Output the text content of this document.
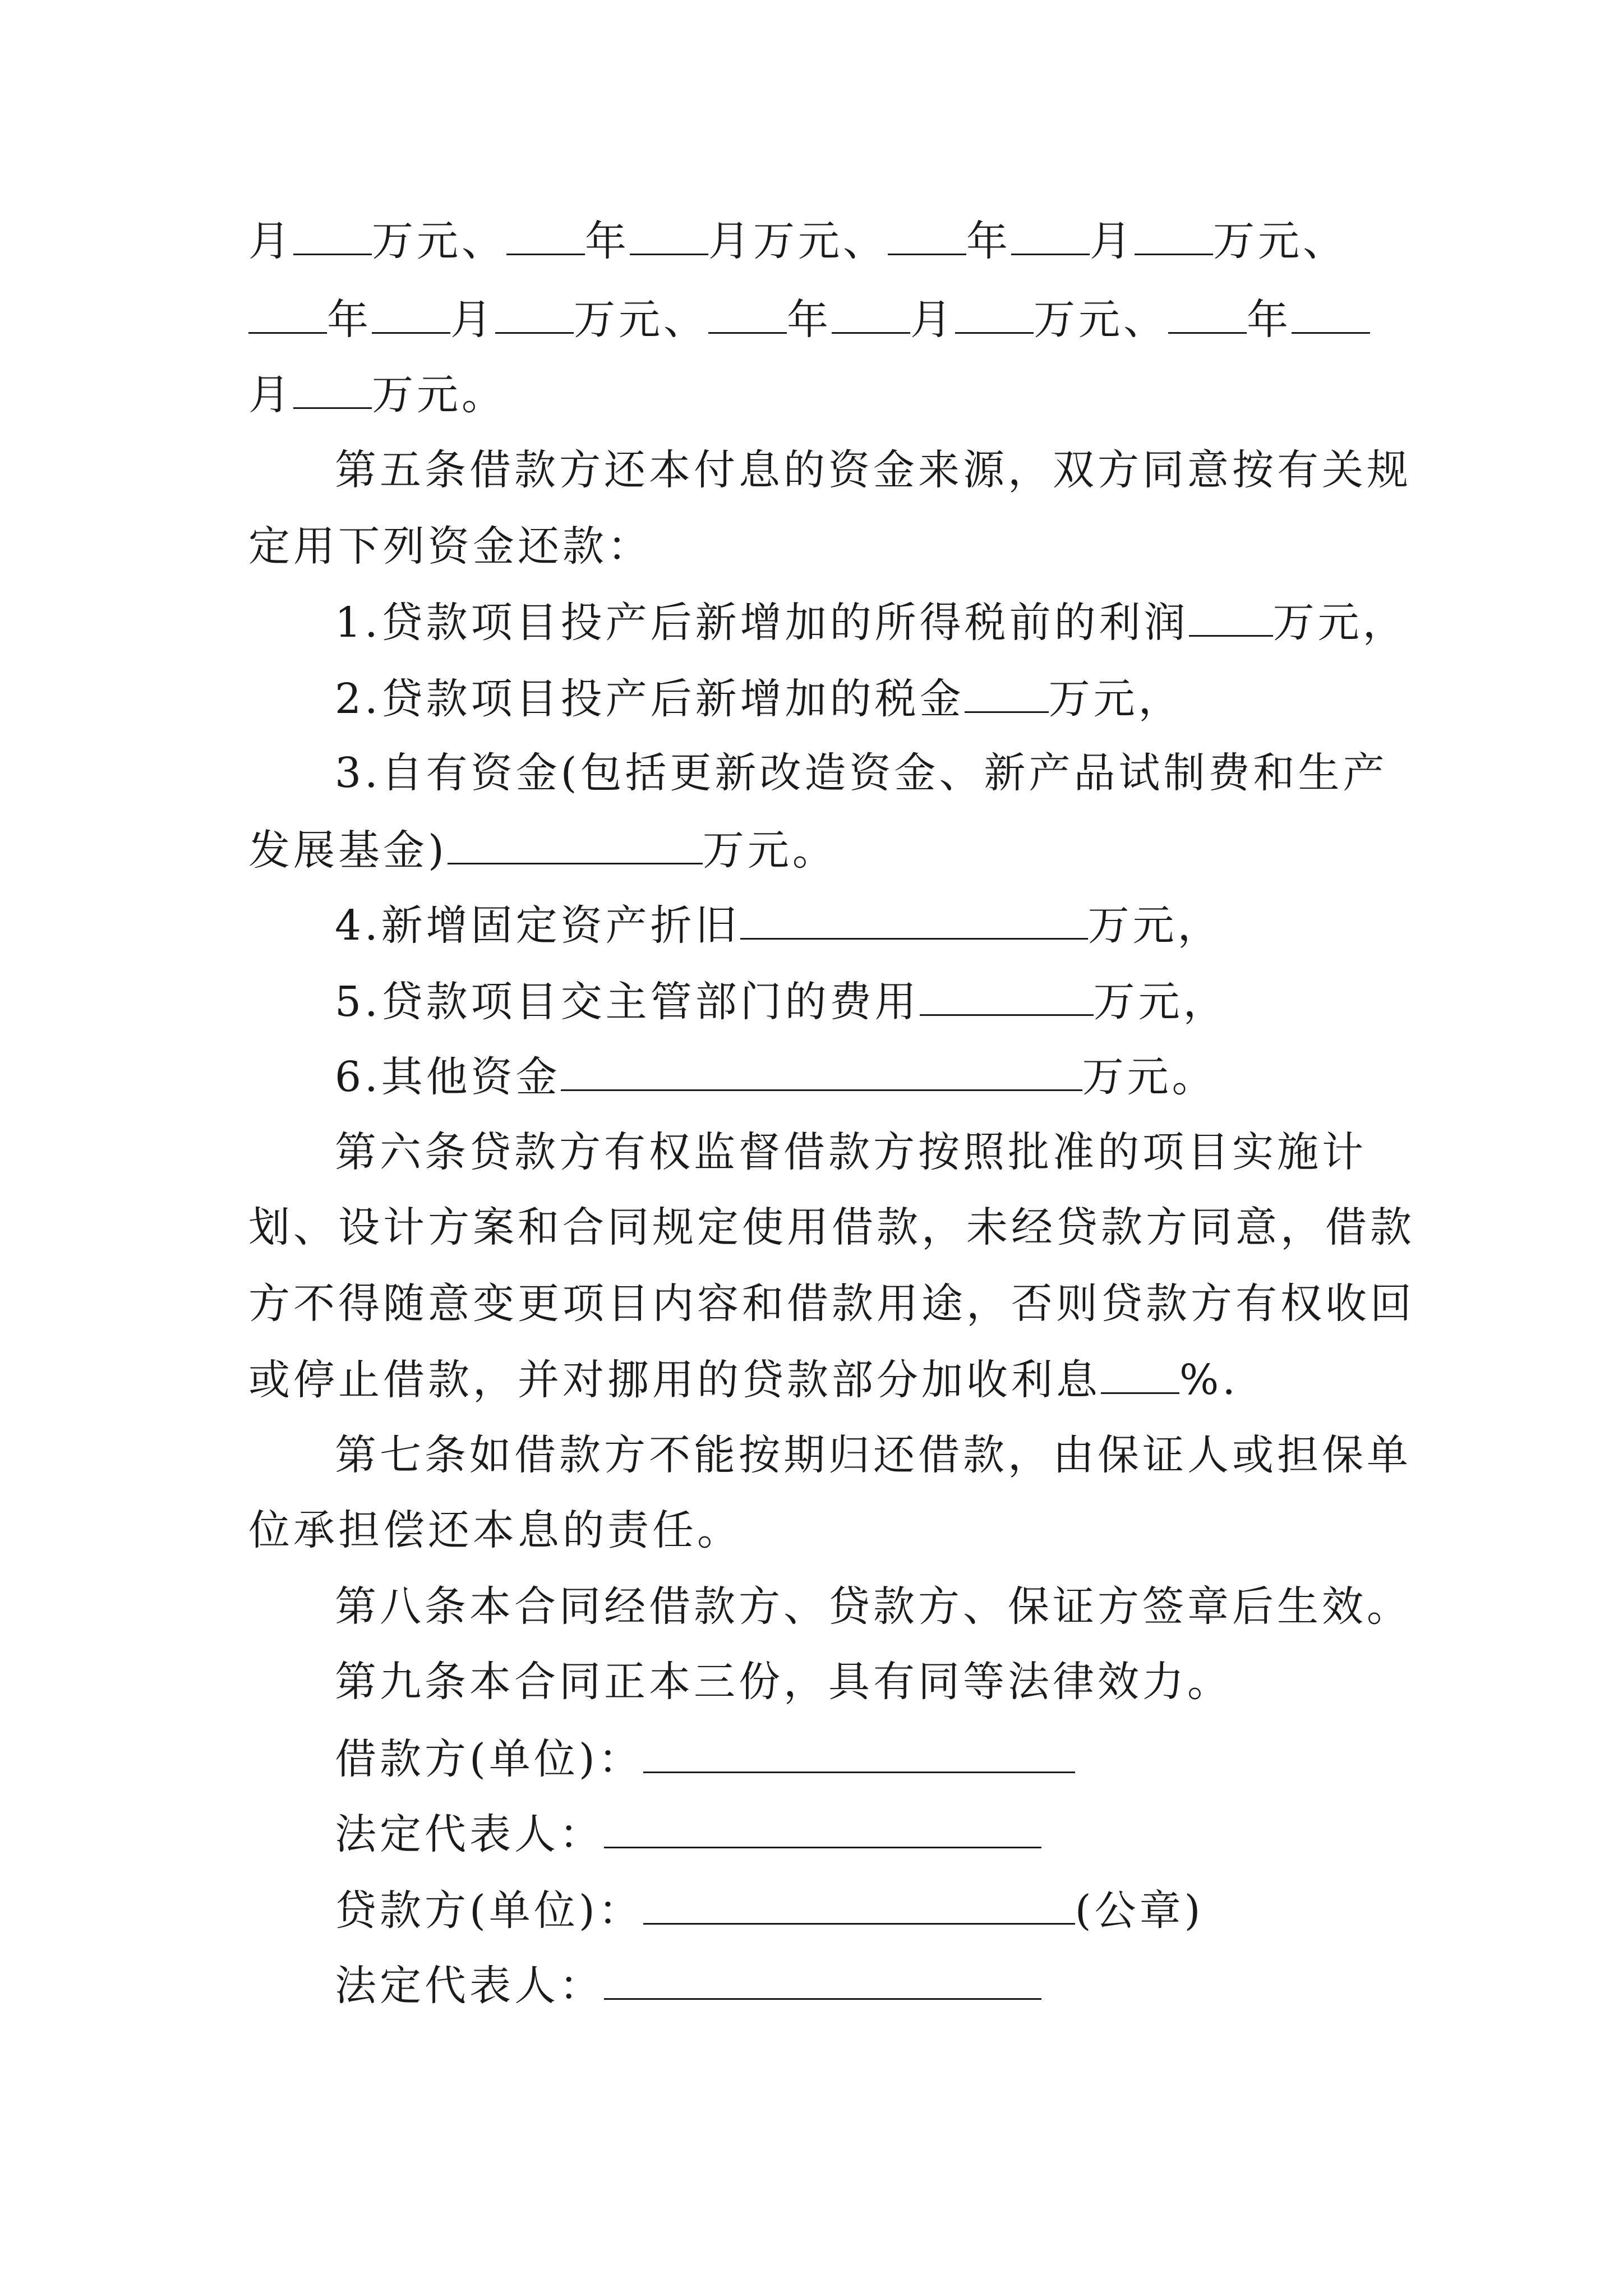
月 万元、 年 月万元、 年 月 万元、
年 月 万元、 年 月 万元、 年
月 万元。
第五条借款方还本付息的资金来源，双方同意按有关规
定用下列资金还款：
1.贷款项目投产后新增加的所得税前的利润 万元，
2.贷款项目投产后新增加的税金 万元，
3.自有资金(包括更新改造资金、新产品试制费和生产
发展基金)	万元。
4.新增固定资产折旧	万元，
5.贷款项目交主管部门的费用	万元，
6.其他资金	万元。
第六条贷款方有权监督借款方按照批准的项目实施计
划、设计方案和合同规定使用借款，未经贷款方同意，借款
方不得随意变更项目内容和借款用途，否则贷款方有权收回
或停止借款，并对挪用的贷款部分加收利息 %.
第七条如借款方不能按期归还借款，由保证人或担保单
位承担偿还本息的责任。
第八条本合同经借款方、贷款方、保证方签章后生效。
第九条本合同正本三份，具有同等法律效力。
借款方(单位)：
法定代表人：
贷款方(单位)：	(公章)
法定代表人：
